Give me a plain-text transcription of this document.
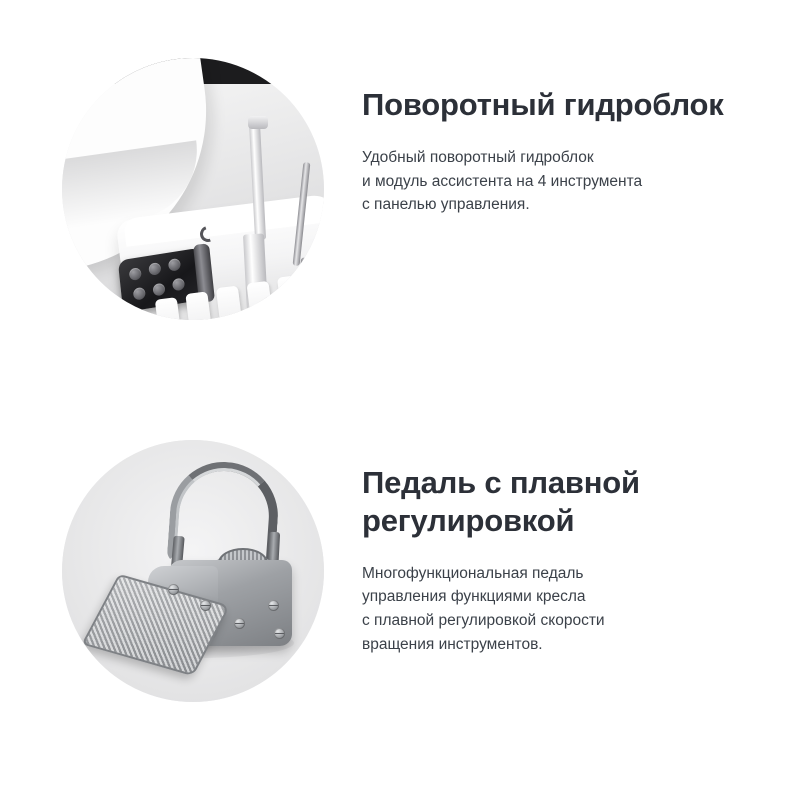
Поворотный гидроблок

Удобный поворотный гидроблок
и модуль ассистента на 4 инструмента
с панелью управления.

Педаль с плавной регулировкой

Многофункциональная педаль
управления функциями кресла
с плавной регулировкой скорости
вращения инструментов.
